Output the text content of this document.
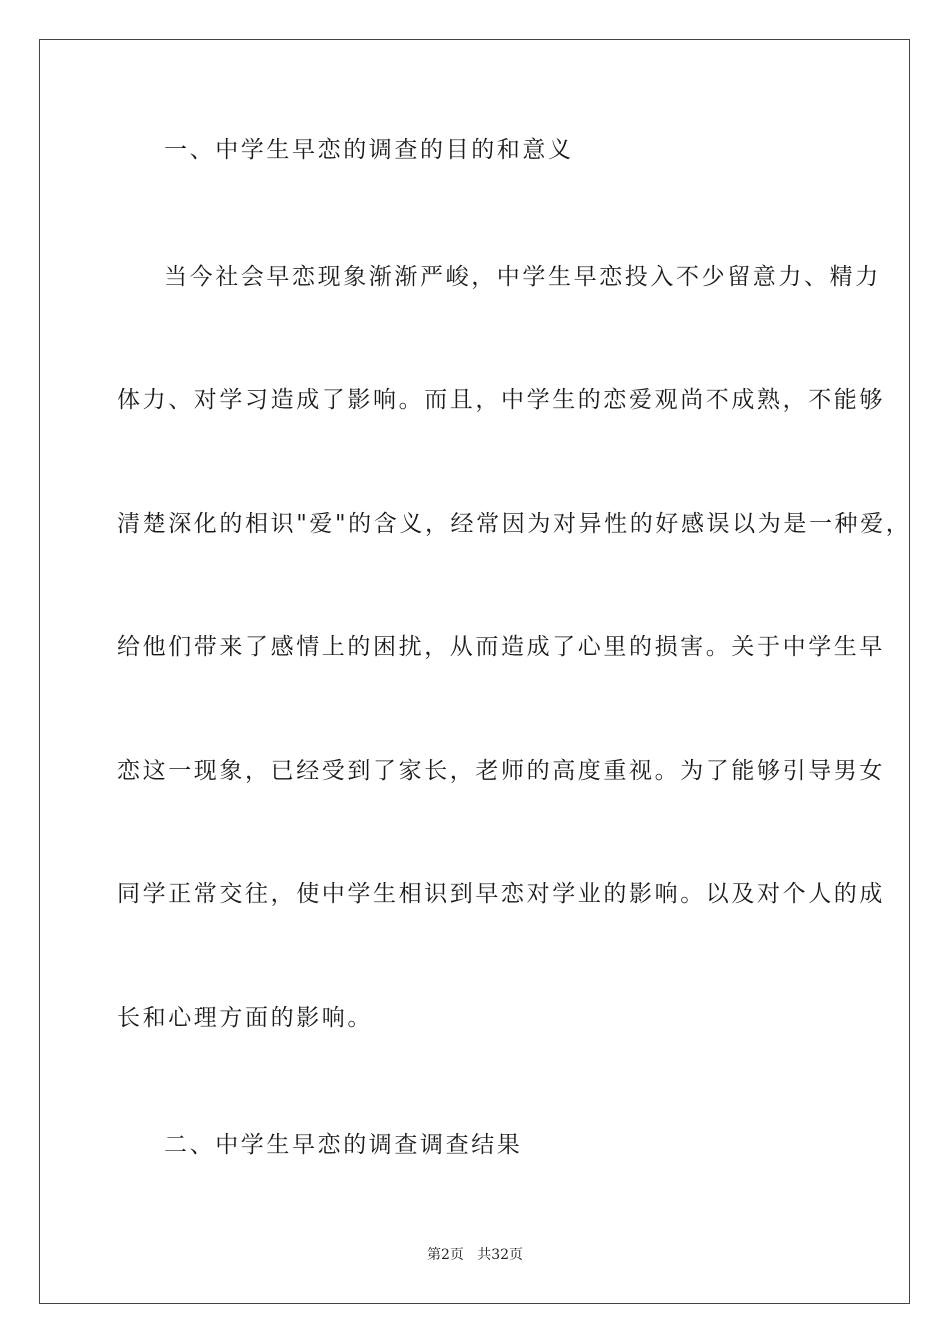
一、中学生早恋的调查的目的和意义
当今社会早恋现象渐渐严峻，中学生早恋投入不少留意力、精力
体力、对学习造成了影响。而且，中学生的恋爱观尚不成熟，不能够
清楚深化的相识"爱"的含义，经常因为对异性的好感误以为是一种爱，
给他们带来了感情上的困扰，从而造成了心里的损害。关于中学生早
恋这一现象，已经受到了家长，老师的高度重视。为了能够引导男女
同学正常交往，使中学生相识到早恋对学业的影响。以及对个人的成
长和心理方面的影响。
二、中学生早恋的调查调查结果
第2页   共32页
